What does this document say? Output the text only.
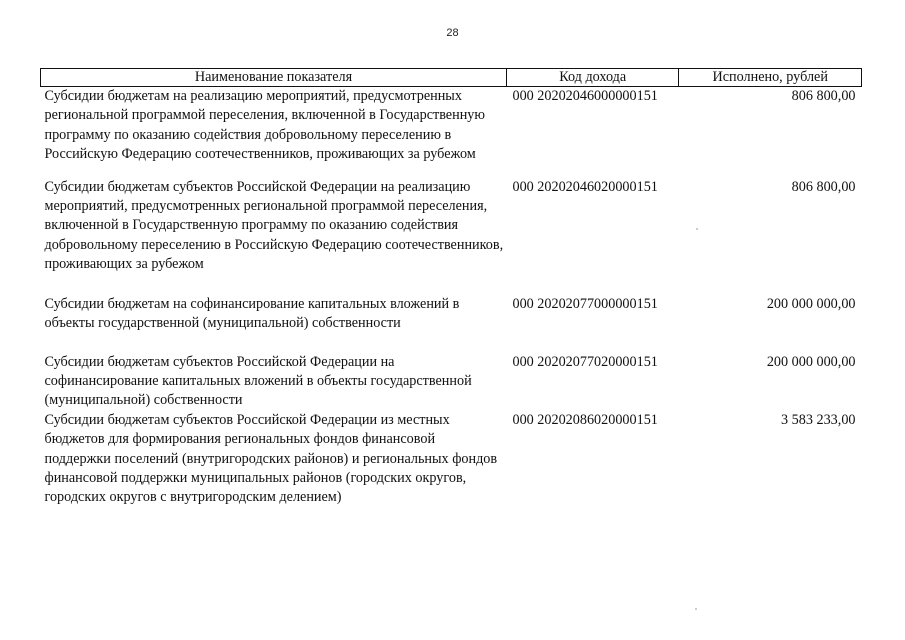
28
Наименование показателя	Код дохода	Исполнено, рублей
Субсидии бюджетам на реализацию мероприятий, предусмотренных региональной программой переселения, включенной в Государственную программу по оказанию содействия добровольному переселению в Российскую Федерацию соотечественников, проживающих за рубежом	000 20202046000000151	806 800,00
Субсидии бюджетам субъектов Российской Федерации на реализацию мероприятий, предусмотренных региональной программой переселения, включенной в Государственную программу по оказанию содействия добровольному переселению в Российскую Федерацию соотечественников, проживающих за рубежом	000 20202046020000151	806 800,00
Субсидии бюджетам на софинансирование капитальных вложений в объекты государственной (муниципальной) собственности	000 20202077000000151	200 000 000,00
Субсидии бюджетам субъектов Российской Федерации на софинансирование капитальных вложений в объекты государственной (муниципальной) собственности	000 20202077020000151	200 000 000,00
Субсидии бюджетам субъектов Российской Федерации из местных бюджетов для формирования региональных фондов финансовой поддержки поселений (внутригородских районов) и региональных фондов финансовой поддержки муниципальных районов (городских округов, городских округов с внутригородским делением)	000 20202086020000151	3 583 233,00
